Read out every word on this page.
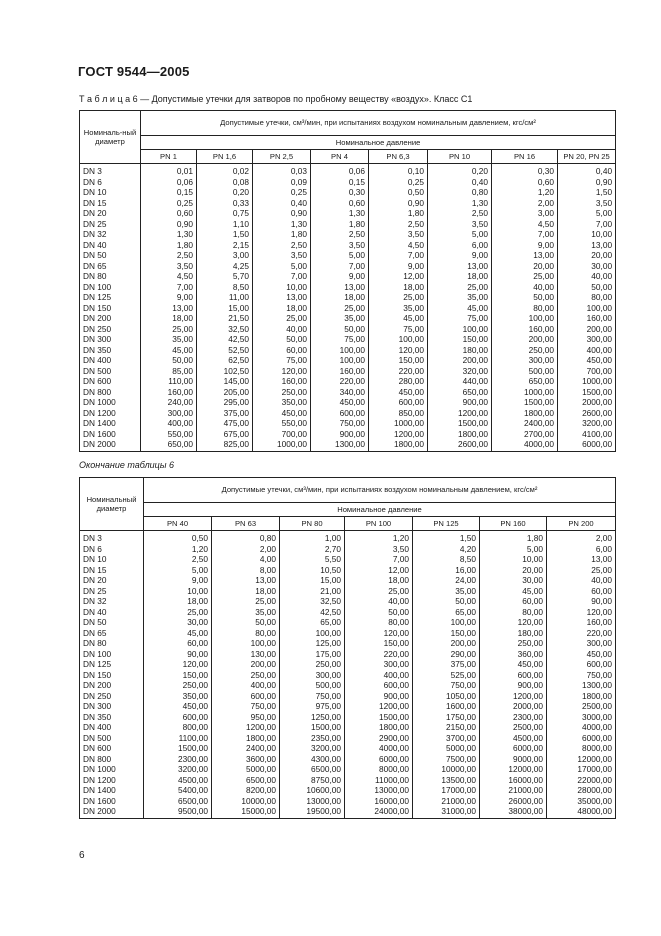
ГОСТ 9544—2005
Т а б л и ц а 6 — Допустимые утечки для затворов по пробному веществу «воздух». Класс С1
Номиналь-ный диаметр	Допустимые утечки, см³/мин, при испытаниях воздухом номинальным давлением, кгс/см²							
	Номинальное давление							
	PN 1	PN 1,6	PN 2,5	PN 4	PN 6,3	PN 10	PN 16	PN 20, PN 25
DN 3	0,01	0,02	0,03	0,06	0,10	0,20	0,30	0,40
DN 6	0,06	0,08	0,09	0,15	0,25	0,40	0,60	0,90
DN 10	0,15	0,20	0,25	0,30	0,50	0,80	1,20	1,50
DN 15	0,25	0,33	0,40	0,60	0,90	1,30	2,00	3,50
DN 20	0,60	0,75	0,90	1,30	1,80	2,50	3,00	5,00
DN 25	0,90	1,10	1,30	1,80	2,50	3,50	4,50	7,00
DN 32	1,30	1,50	1,80	2,50	3,50	5,00	7,00	10,00
DN 40	1,80	2,15	2,50	3,50	4,50	6,00	9,00	13,00
DN 50	2,50	3,00	3,50	5,00	7,00	9,00	13,00	20,00
DN 65	3,50	4,25	5,00	7,00	9,00	13,00	20,00	30,00
DN 80	4,50	5,70	7,00	9,00	12,00	18,00	25,00	40,00
DN 100	7,00	8,50	10,00	13,00	18,00	25,00	40,00	50,00
DN 125	9,00	11,00	13,00	18,00	25,00	35,00	50,00	80,00
DN 150	13,00	15,00	18,00	25,00	35,00	45,00	80,00	100,00
DN 200	18,00	21,50	25,00	35,00	45,00	75,00	100,00	160,00
DN 250	25,00	32,50	40,00	50,00	75,00	100,00	160,00	200,00
DN 300	35,00	42,50	50,00	75,00	100,00	150,00	200,00	300,00
DN 350	45,00	52,50	60,00	100,00	120,00	180,00	250,00	400,00
DN 400	50,00	62,50	75,00	100,00	150,00	200,00	300,00	450,00
DN 500	85,00	102,50	120,00	160,00	220,00	320,00	500,00	700,00
DN 600	110,00	145,00	160,00	220,00	280,00	440,00	650,00	1000,00
DN 800	160,00	205,00	250,00	340,00	450,00	650,00	1000,00	1500,00
DN 1000	240,00	295,00	350,00	450,00	600,00	900,00	1500,00	2000,00
DN 1200	300,00	375,00	450,00	600,00	850,00	1200,00	1800,00	2600,00
DN 1400	400,00	475,00	550,00	750,00	1000,00	1500,00	2400,00	3200,00
DN 1600	550,00	675,00	700,00	900,00	1200,00	1800,00	2700,00	4100,00
DN 2000	650,00	825,00	1000,00	1300,00	1800,00	2600,00	4000,00	6000,00
Окончание таблицы 6
Номинальный диаметр	Допустимые утечки, см³/мин, при испытаниях воздухом номинальным давлением, кгс/см²						
	Номинальное давление						
	PN 40	PN 63	PN 80	PN 100	PN 125	PN 160	PN 200
DN 3	0,50	0,80	1,00	1,20	1,50	1,80	2,00
DN 6	1,20	2,00	2,70	3,50	4,20	5,00	6,00
DN 10	2,50	4,00	5,50	7,00	8,50	10,00	13,00
DN 15	5,00	8,00	10,50	12,00	16,00	20,00	25,00
DN 20	9,00	13,00	15,00	18,00	24,00	30,00	40,00
DN 25	10,00	18,00	21,00	25,00	35,00	45,00	60,00
DN 32	18,00	25,00	32,50	40,00	50,00	60,00	90,00
DN 40	25,00	35,00	42,50	50,00	65,00	80,00	120,00
DN 50	30,00	50,00	65,00	80,00	100,00	120,00	160,00
DN 65	45,00	80,00	100,00	120,00	150,00	180,00	220,00
DN 80	60,00	100,00	125,00	150,00	200,00	250,00	300,00
DN 100	90,00	130,00	175,00	220,00	290,00	360,00	450,00
DN 125	120,00	200,00	250,00	300,00	375,00	450,00	600,00
DN 150	150,00	250,00	300,00	400,00	525,00	600,00	750,00
DN 200	250,00	400,00	500,00	600,00	750,00	900,00	1300,00
DN 250	350,00	600,00	750,00	900,00	1050,00	1200,00	1800,00
DN 300	450,00	750,00	975,00	1200,00	1600,00	2000,00	2500,00
DN 350	600,00	950,00	1250,00	1500,00	1750,00	2300,00	3000,00
DN 400	800,00	1200,00	1500,00	1800,00	2150,00	2500,00	4000,00
DN 500	1100,00	1800,00	2350,00	2900,00	3700,00	4500,00	6000,00
DN 600	1500,00	2400,00	3200,00	4000,00	5000,00	6000,00	8000,00
DN 800	2300,00	3600,00	4300,00	6000,00	7500,00	9000,00	12000,00
DN 1000	3200,00	5000,00	6500,00	8000,00	10000,00	12000,00	17000,00
DN 1200	4500,00	6500,00	8750,00	11000,00	13500,00	16000,00	22000,00
DN 1400	5400,00	8200,00	10600,00	13000,00	17000,00	21000,00	28000,00
DN 1600	6500,00	10000,00	13000,00	16000,00	21000,00	26000,00	35000,00
DN 2000	9500,00	15000,00	19500,00	24000,00	31000,00	38000,00	48000,00
6
